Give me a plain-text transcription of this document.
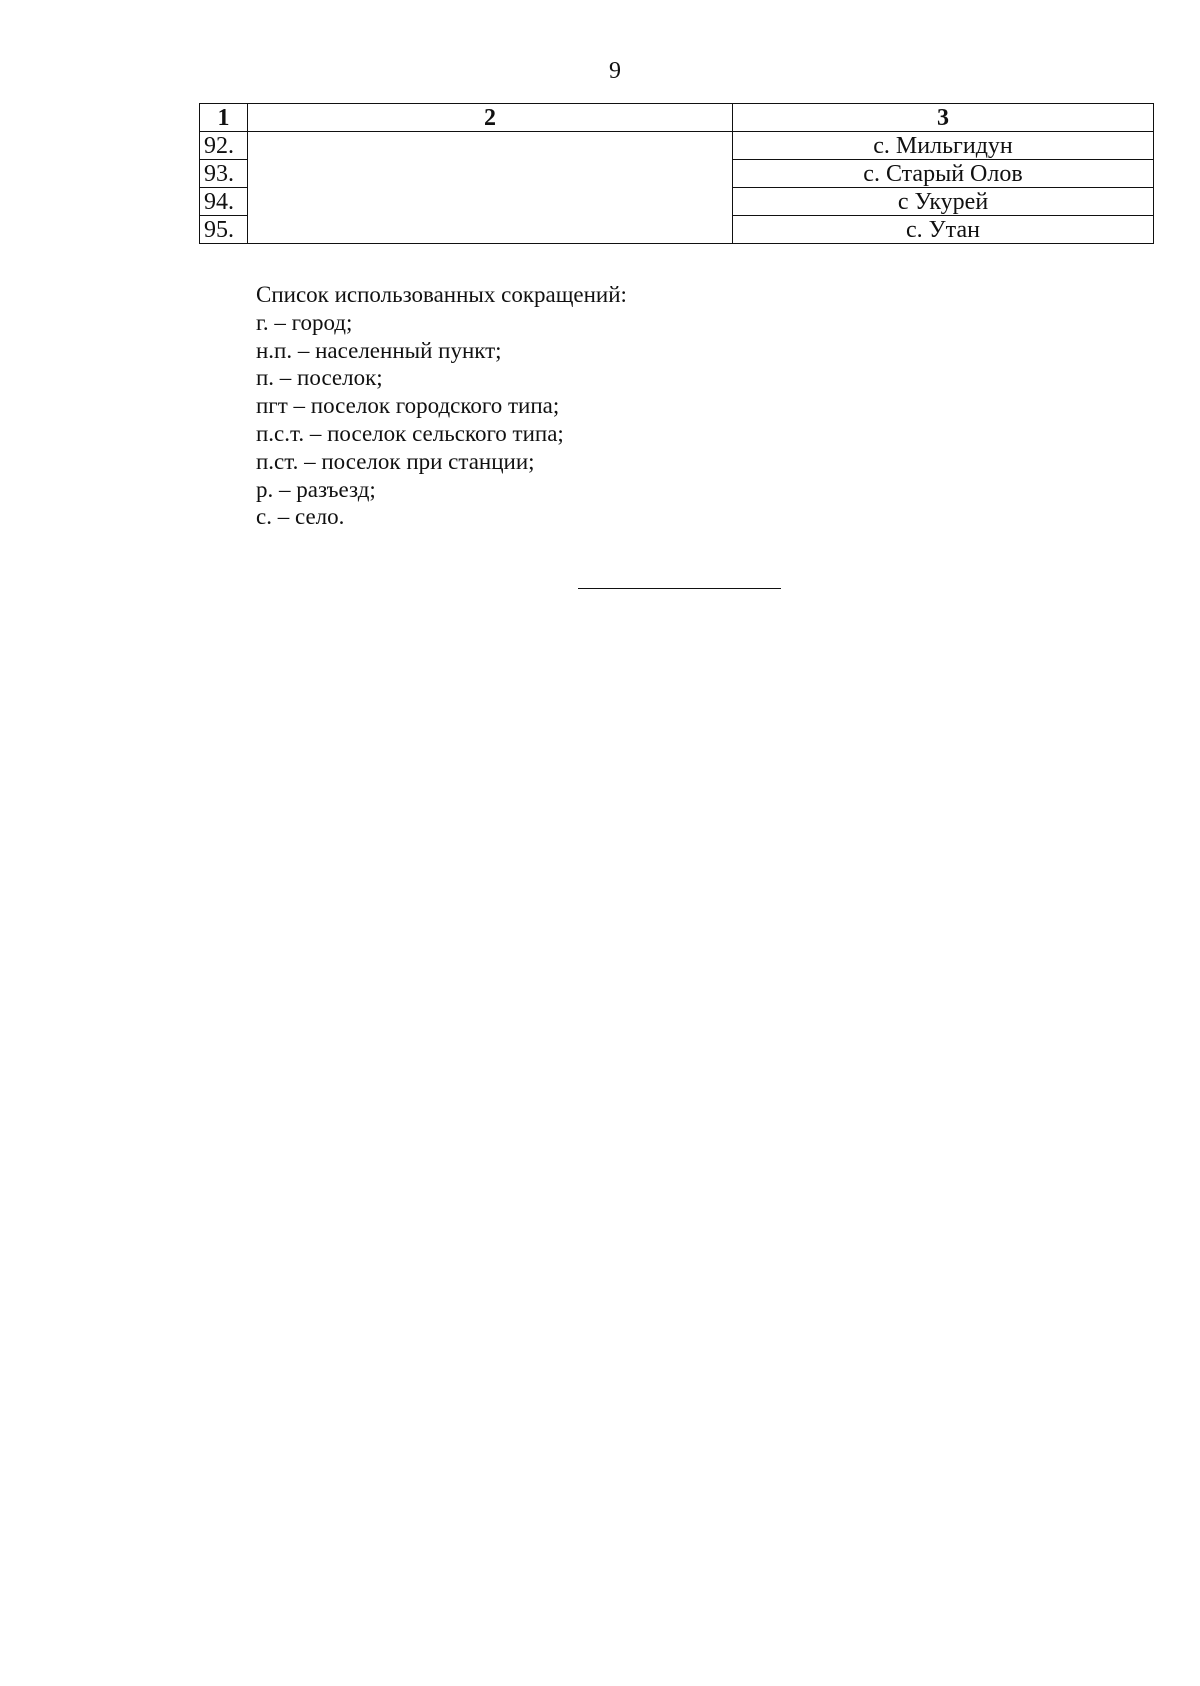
9
1	2	3
92.		с. Мильгидун
93.		с. Старый Олов
94.		с Укурей
95.		с. Утан
Список использованных сокращений:
г. – город;
н.п. – населенный пункт;
п. – поселок;
пгт – поселок городского типа;
п.с.т. – поселок сельского типа;
п.ст. – поселок при станции;
р. – разъезд;
с. – село.
